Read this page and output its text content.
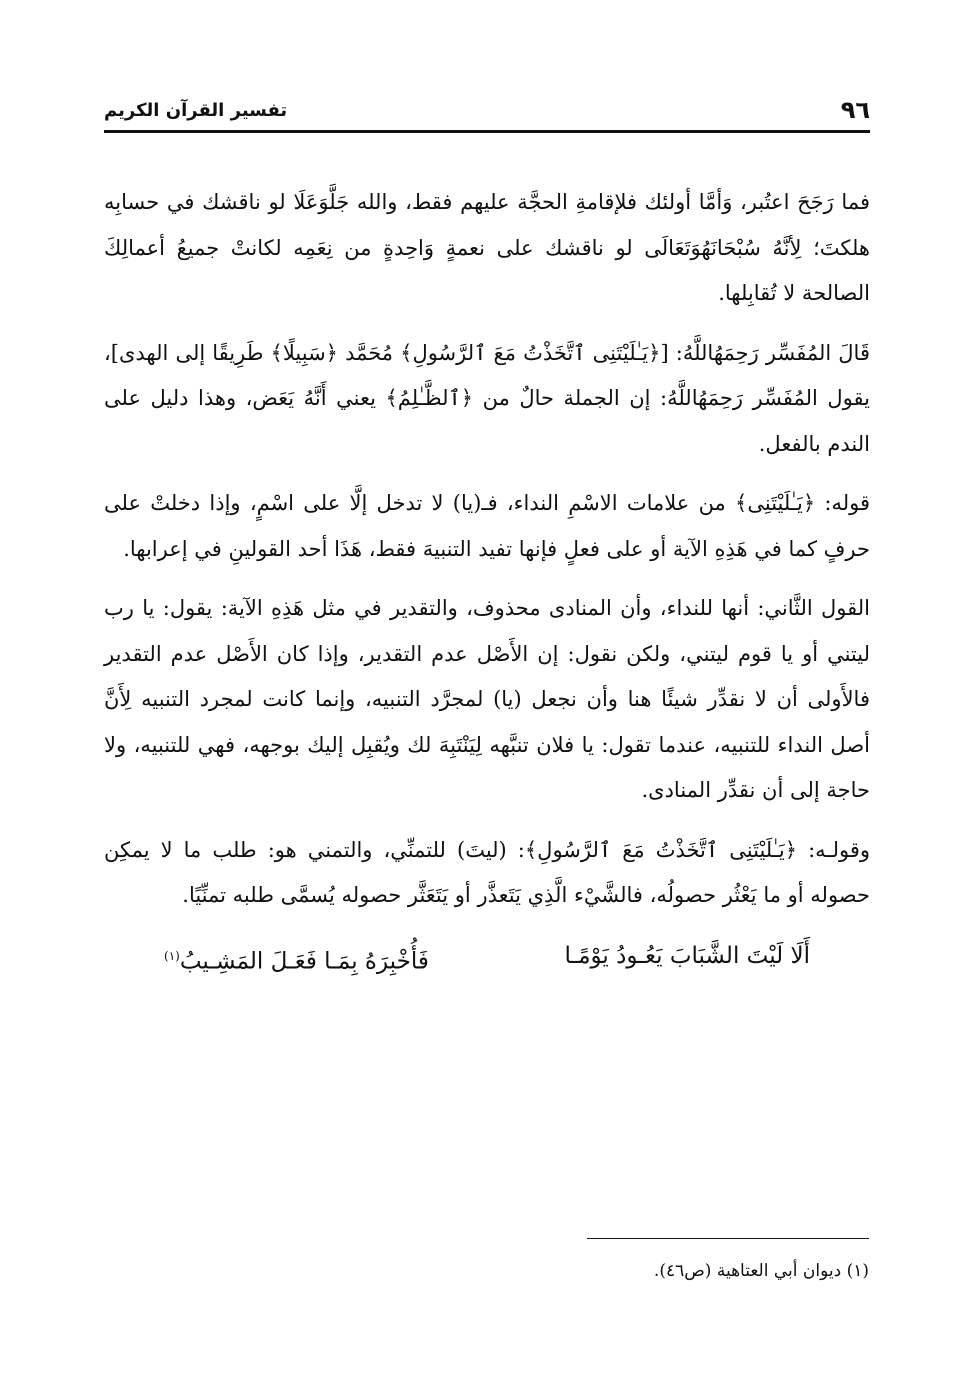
٩٦
تفسير القرآن الكريم

فما رَجَحَ اعتُبر، وَأمَّا أولئك فلإقامةِ الحجَّة عليهم فقط، والله جَلَّوَعَلَا لو ناقشك في حسابِه هلكتَ؛ لِأنَّهُ سُبْحَانَهُوَتَعَالَى لو ناقشك على نعمةٍ وَاحِدةٍ من نِعَمِه لكانتْ جميعُ أعمالِكَ الصالحة لا تُقابِلها.

قَالَ المُفَسِّر رَحِمَهُاللَّهُ: [﴿يَـٰلَيْتَنِى ٱتَّخَذْتُ مَعَ ٱلرَّسُولِ﴾ مُحَمَّد ﴿سَبِيلًا﴾ طَرِيقًا إلى الهدى]، يقول المُفَسِّر رَحِمَهُاللَّهُ: إن الجملة حالٌ من ﴿ٱلظَّـٰلِمُ﴾ يعني أَنَّهُ يَعَض، وهذا دليل على الندم بالفعل.

قوله: ﴿يَـٰلَيْتَنِى﴾ من علامات الاسْمِ النداء، فـ(يا) لا تدخل إلَّا على اسْمٍ، وإذا دخلتْ على حرفٍ كما في هَذِهِ الآية أو على فعلٍ فإنها تفيد التنبيهَ فقط، هَذَا أحد القولينِ في إعرابها.

القول الثَّاني: أنها للنداء، وأن المنادى محذوف، والتقدير في مثل هَذِهِ الآية: يقول: يا رب ليتني أو يا قوم ليتني، ولكن نقول: إن الأَصْل عدم التقدير، وإذا كان الأَصْل عدم التقدير فالأَولى أن لا نقدِّر شيئًا هنا وأن نجعل (يا) لمجرَّد التنبيه، وإنما كانت لمجرد التنبيه لِأَنَّ أصل النداء للتنبيه، عندما تقول: يا فلان تنبَّهه لِيَنْتَبِهَ لك ويُقبِل إليك بوجهه، فهي للتنبيه، ولا حاجة إلى أن نقدِّر المنادى.

وقولـه: ﴿يَـٰلَيْتَنِى ٱتَّخَذْتُ مَعَ ٱلرَّسُولِ﴾: (ليتَ) للتمنِّي، والتمني هو: طلب ما لا يمكِن حصوله أو ما يَعْثُر حصولُه، فالشَّيْء الَّذِي يَتَعذَّر أو يَتَعَثَّر حصوله يُسمَّى طلبه تمنِّيًا.

أَلَا لَيْتَ الشَّبَابَ يَعُـودُ يَوْمًـا
فَأُخْبِرَهُ بِمَـا فَعَـلَ المَشِـيبُ$^{(١)}$
(١) ديوان أبي العتاهية (ص٤٦).
